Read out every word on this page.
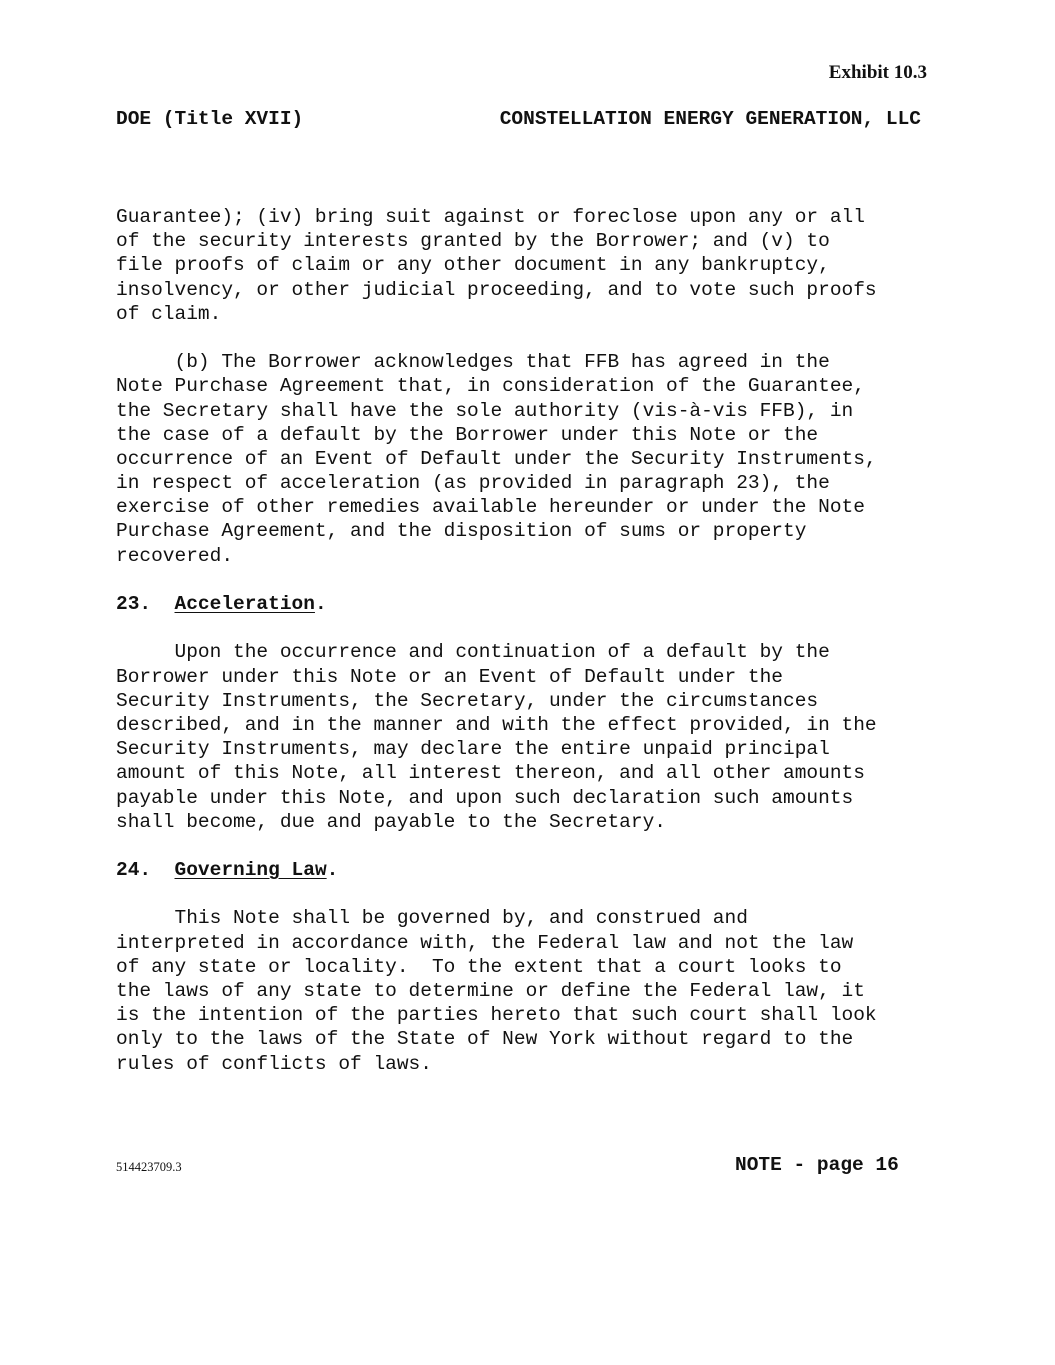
Exhibit 10.3
DOE (Title XVII)	CONSTELLATION ENERGY GENERATION, LLC
Guarantee); (iv) bring suit against or foreclose upon any or all
of the security interests granted by the Borrower; and (v) to
file proofs of claim or any other document in any bankruptcy,
insolvency, or other judicial proceeding, and to vote such proofs
of claim.
(b) The Borrower acknowledges that FFB has agreed in the
Note Purchase Agreement that, in consideration of the Guarantee,
the Secretary shall have the sole authority (vis-à-vis FFB), in
the case of a default by the Borrower under this Note or the
occurrence of an Event of Default under the Security Instruments,
in respect of acceleration (as provided in paragraph 23), the
exercise of other remedies available hereunder or under the Note
Purchase Agreement, and the disposition of sums or property
recovered.
23.  Acceleration.
Upon the occurrence and continuation of a default by the
Borrower under this Note or an Event of Default under the
Security Instruments, the Secretary, under the circumstances
described, and in the manner and with the effect provided, in the
Security Instruments, may declare the entire unpaid principal
amount of this Note, all interest thereon, and all other amounts
payable under this Note, and upon such declaration such amounts
shall become, due and payable to the Secretary.
24.  Governing Law.
This Note shall be governed by, and construed and
interpreted in accordance with, the Federal law and not the law
of any state or locality.  To the extent that a court looks to
the laws of any state to determine or define the Federal law, it
is the intention of the parties hereto that such court shall look
only to the laws of the State of New York without regard to the
rules of conflicts of laws.
514423709.3	NOTE - page 16
